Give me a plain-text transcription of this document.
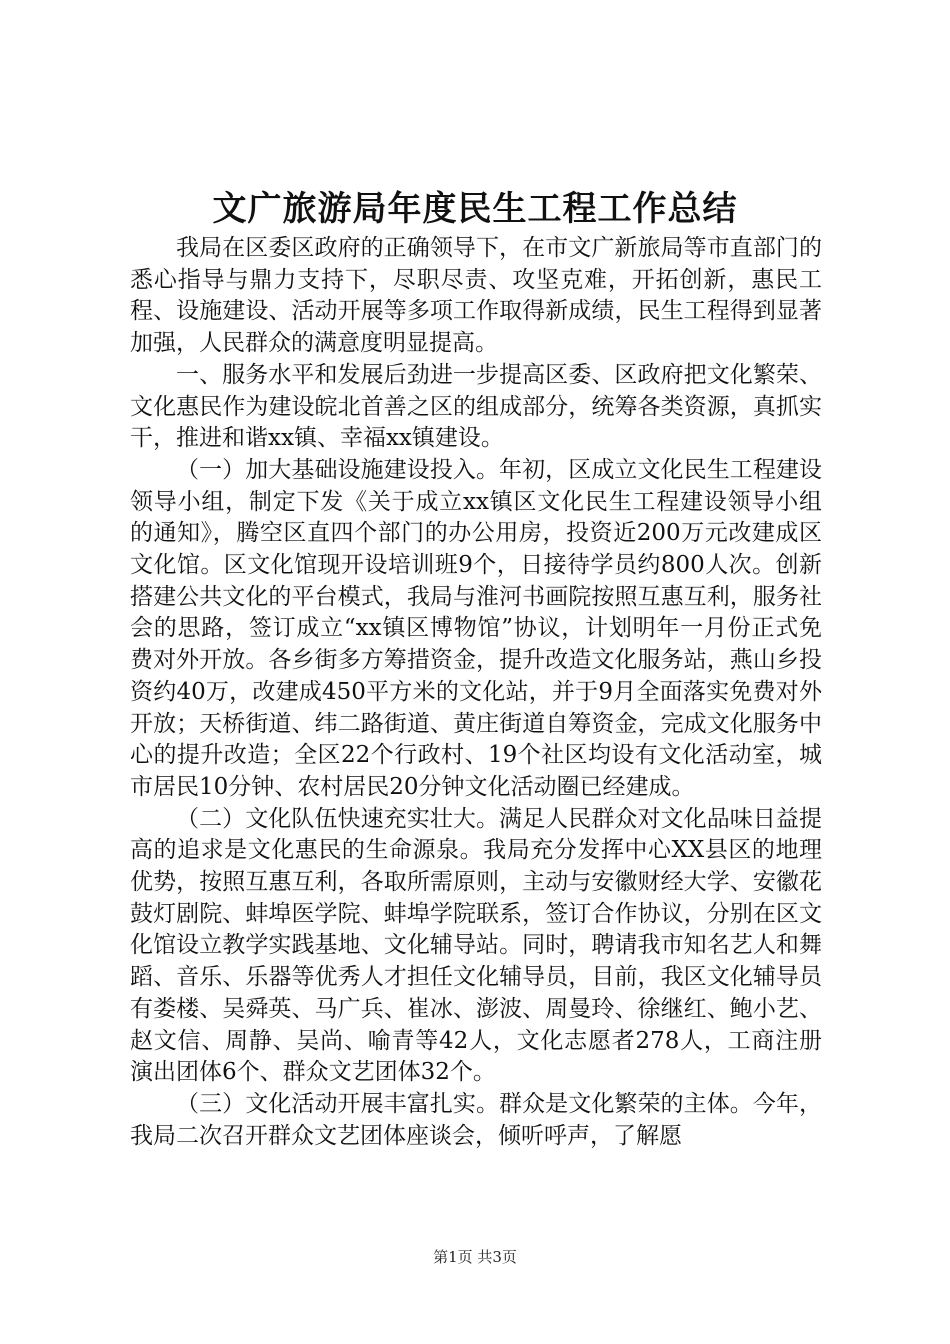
文广旅游局年度民生工程工作总结

我局在区委区政府的正确领导下，在市文广新旅局等市直部门的悉心指导与鼎力支持下，尽职尽责、攻坚克难，开拓创新，惠民工程、设施建设、活动开展等多项工作取得新成绩，民生工程得到显著加强，人民群众的满意度明显提高。

一、服务水平和发展后劲进一步提高区委、区政府把文化繁荣、文化惠民作为建设皖北首善之区的组成部分，统筹各类资源，真抓实干，推进和谐xx镇、幸福xx镇建设。

（一）加大基础设施建设投入。年初，区成立文化民生工程建设领导小组，制定下发《关于成立xx镇区文化民生工程建设领导小组的通知》，腾空区直四个部门的办公用房，投资近200万元改建成区文化馆。区文化馆现开设培训班9个，日接待学员约800人次。创新搭建公共文化的平台模式，我局与淮河书画院按照互惠互利，服务社会的思路，签订成立“xx镇区博物馆”协议，计划明年一月份正式免费对外开放。各乡街多方筹措资金，提升改造文化服务站，燕山乡投资约40万，改建成450平方米的文化站，并于9月全面落实免费对外开放；天桥街道、纬二路街道、黄庄街道自筹资金，完成文化服务中心的提升改造；全区22个行政村、19个社区均设有文化活动室，城市居民10分钟、农村居民20分钟文化活动圈已经建成。

（二）文化队伍快速充实壮大。满足人民群众对文化品味日益提高的追求是文化惠民的生命源泉。我局充分发挥中心XX县区的地理优势，按照互惠互利，各取所需原则，主动与安徽财经大学、安徽花鼓灯剧院、蚌埠医学院、蚌埠学院联系，签订合作协议，分别在区文化馆设立教学实践基地、文化辅导站。同时，聘请我市知名艺人和舞蹈、音乐、乐器等优秀人才担任文化辅导员，目前，我区文化辅导员有娄楼、吴舜英、马广兵、崔冰、澎波、周曼玲、徐继红、鲍小艺、赵文信、周静、吴尚、喻青等42人，文化志愿者278人，工商注册演出团体6个、群众文艺团体32个。

（三）文化活动开展丰富扎实。群众是文化繁荣的主体。今年，我局二次召开群众文艺团体座谈会，倾听呼声，了解愿

第1页 共3页
